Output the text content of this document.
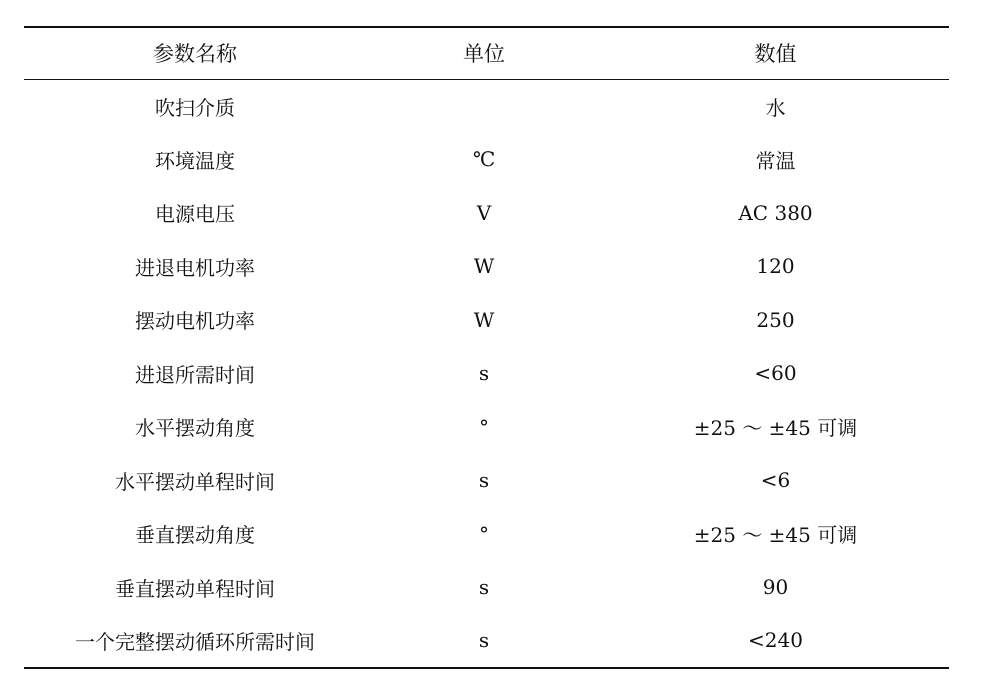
参数名称	单位	数值
吹扫介质		水
环境温度	℃	常温
电源电压	V	AC 380
进退电机功率	W	120
摆动电机功率	W	250
进退所需时间	s	<60
水平摆动角度	°	±25 ～ ±45 可调
水平摆动单程时间	s	<6
垂直摆动角度	°	±25 ～ ±45 可调
垂直摆动单程时间	s	90
一个完整摆动循环所需时间	s	<240
